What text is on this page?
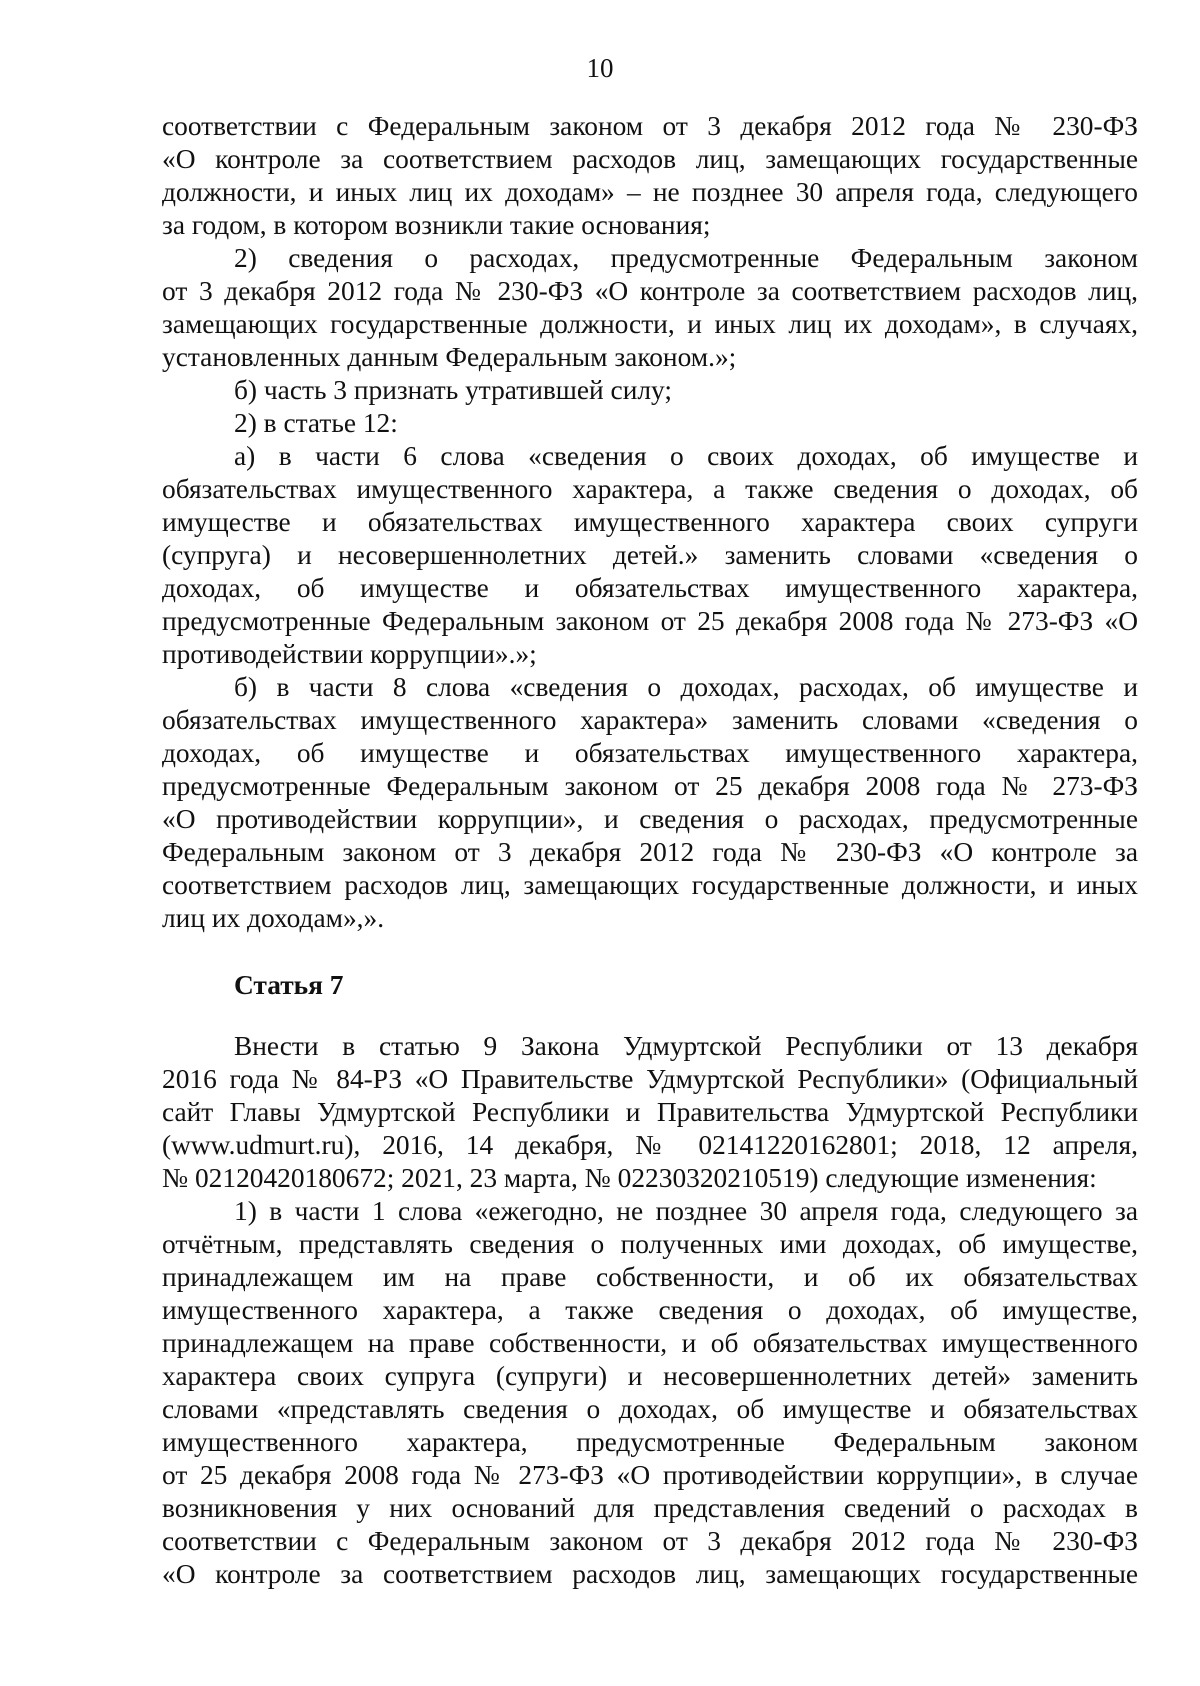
10

соответствии с Федеральным законом от 3 декабря 2012 года № 230-ФЗ

«О контроле за соответствием расходов лиц, замещающих государственные

должности, и иных лиц их доходам» – не позднее 30 апреля года, следующего

за годом, в котором возникли такие основания;

2) сведения о расходах, предусмотренные Федеральным законом

от 3 декабря 2012 года № 230-ФЗ «О контроле за соответствием расходов лиц,

замещающих государственные должности, и иных лиц их доходам», в случаях,

установленных данным Федеральным законом.»;

б) часть 3 признать утратившей силу;

2) в статье 12:

а) в части 6 слова «сведения о своих доходах, об имуществе и

обязательствах имущественного характера, а также сведения о доходах, об

имуществе и обязательствах имущественного характера своих супруги

(супруга) и несовершеннолетних детей.» заменить словами «сведения о

доходах, об имуществе и обязательствах имущественного характера,

предусмотренные Федеральным законом от 25 декабря 2008 года № 273-ФЗ «О

противодействии коррупции».»;

б) в части 8 слова «сведения о доходах, расходах, об имуществе и

обязательствах имущественного характера» заменить словами «сведения о

доходах, об имуществе и обязательствах имущественного характера,

предусмотренные Федеральным законом от 25 декабря 2008 года № 273-ФЗ

«О противодействии коррупции», и сведения о расходах, предусмотренные

Федеральным законом от 3 декабря 2012 года № 230-ФЗ «О контроле за

соответствием расходов лиц, замещающих государственные должности, и иных

лиц их доходам»,».

Статья 7

Внести в статью 9 Закона Удмуртской Республики от 13 декабря

2016 года № 84-РЗ «О Правительстве Удмуртской Республики» (Официальный

сайт Главы Удмуртской Республики и Правительства Удмуртской Республики

(www.udmurt.ru), 2016, 14 декабря, № 02141220162801; 2018, 12 апреля,

№ 02120420180672; 2021, 23 марта, № 02230320210519) следующие изменения:

1) в части 1 слова «ежегодно, не позднее 30 апреля года, следующего за

отчётным, представлять сведения о полученных ими доходах, об имуществе,

принадлежащем им на праве собственности, и об их обязательствах

имущественного характера, а также сведения о доходах, об имуществе,

принадлежащем на праве собственности, и об обязательствах имущественного

характера своих супруга (супруги) и несовершеннолетних детей» заменить

словами «представлять сведения о доходах, об имуществе и обязательствах

имущественного характера, предусмотренные Федеральным законом

от 25 декабря 2008 года № 273-ФЗ «О противодействии коррупции», в случае

возникновения у них оснований для представления сведений о расходах в

соответствии с Федеральным законом от 3 декабря 2012 года № 230-ФЗ

«О контроле за соответствием расходов лиц, замещающих государственные
